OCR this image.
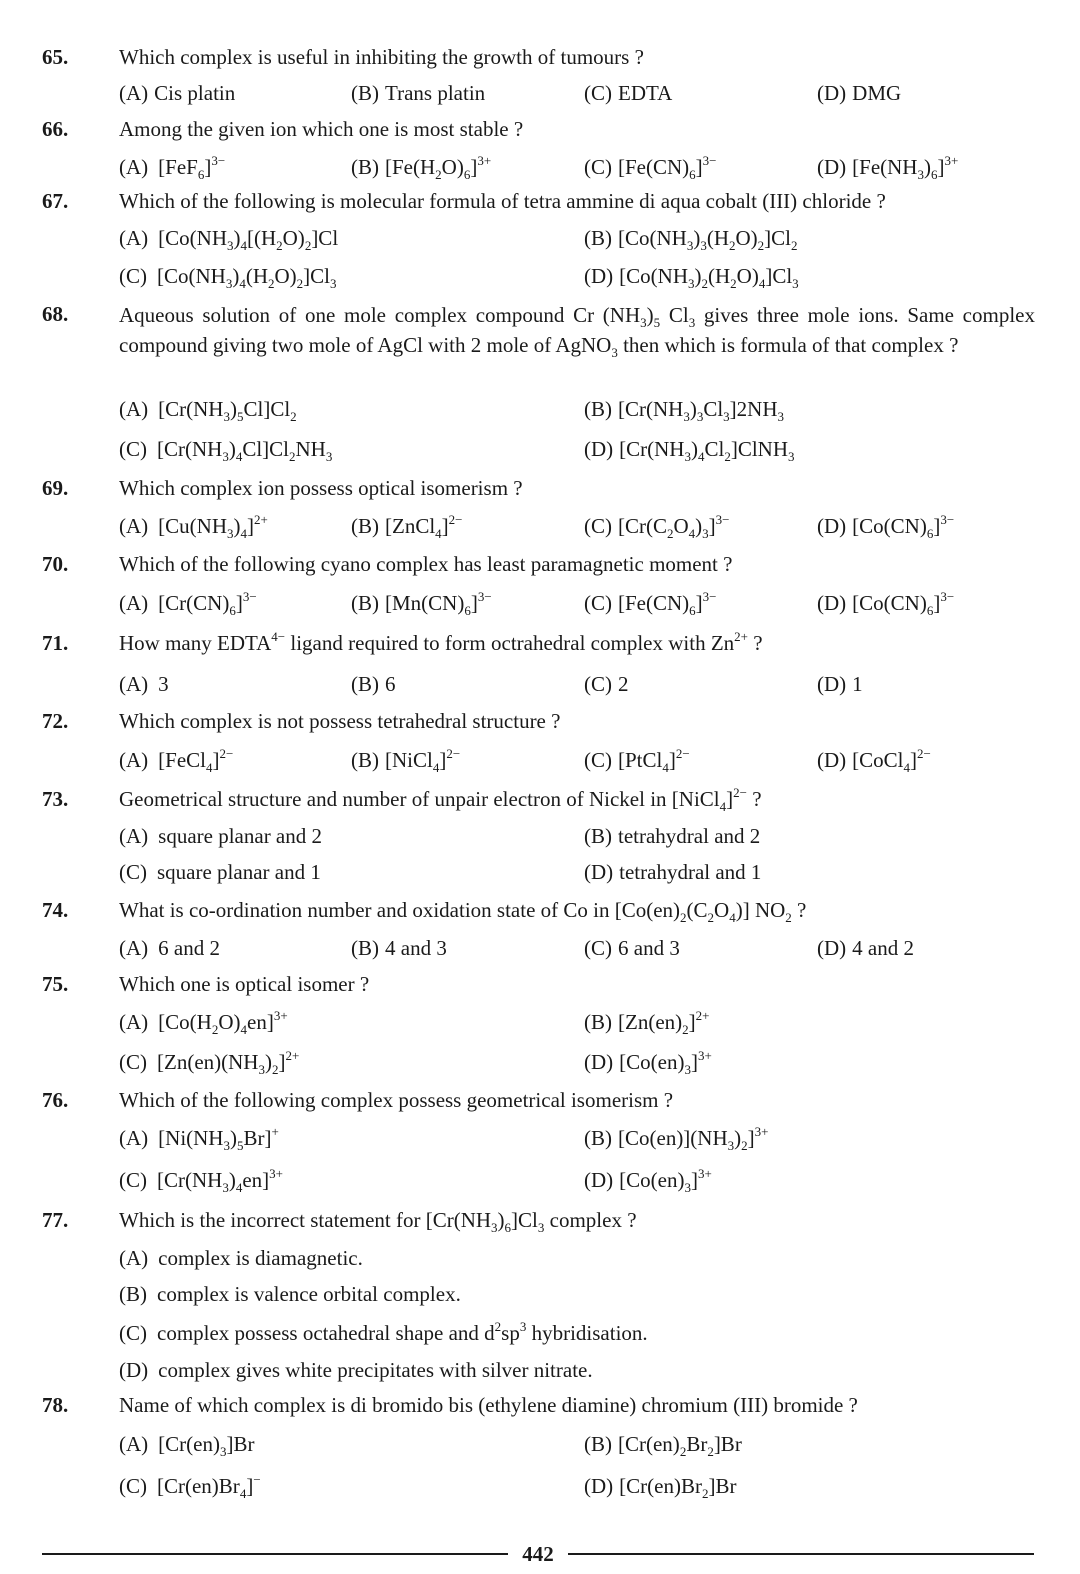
65. Which complex is useful in inhibiting the growth of tumours ?
(A) Cis platin	(B) Trans platin	(C) EDTA	(D) DMG
66. Among the given ion which one is most stable ?
(A) $[FeF_6]^{3-}$	(B) $[Fe(H_2O)_6]^{3+}$	(C) $[Fe(CN)_6]^{3-}$	(D) $[Fe(NH_3)_6]^{3+}$
67. Which of the following is molecular formula of tetra ammine di aqua cobalt (III) chloride ?
(A) [$Co(NH_3)_4[(H_2O)_2]Cl$	(B) $[Co(NH_3)_3(H_2O)_2]Cl_2$
(C) $[Co(NH_3)_4(H_2O)_2]Cl_3$	(D) $[Co(NH_3)_2(H_2O)_4]Cl_3$
68. Aqueous solution of one mole complex compound Cr $(NH_3)_5$ $Cl_3$ gives three mole ions. Same complex compound giving two mole of AgCl with 2 mole of AgNO$_3$ then which is formula of that complex ?
(A) $[Cr(NH_3)_5Cl]Cl_2$	(B) $[Cr(NH_3)_3Cl_3]2NH_3$
(C) $[Cr(NH_3)_4Cl]Cl_2NH_3$	(D) $[Cr(NH_3)_4Cl_2]ClNH_3$
69. Which complex ion possess optical isomerism ?
(A) $[Cu(NH_3)_4]^{2+}$	(B) [ZnCl$_4$]$^{2-}$	(C) $[Cr(C_2O_4)_3]^{3-}$	(D) $[Co(CN)_6]^{3-}$
70. Which of the following cyano complex has least paramagnetic moment ?
(A) $[Cr(CN)_6]^{3-}$	(B) $[Mn(CN)_6]^{3-}$	(C) $[Fe(CN)_6]^{3-}$	(D) $[Co(CN)_6]^{3-}$
71. How many $EDTA^{4-}$ ligand required to form octrahedral complex with $Zn^{2+}$ ?
(A) 3	(B) 6	(C) 2	(D) 1
72. Which complex is not possess tetrahedral structure ?
(A) [FeCl$_4$]$^{2-}$	(B) [NiCl$_4$]$^{2-}$	(C) [PtCl$_4$]$^{2-}$	(D) [CoCl$_4$]$^{2-}$
73. Geometrical structure and number of unpair electron of Nickel in [NiCl$_4$]$^{2-}$ ?
(A) square planar and 2	(B) tetrahydral and 2
(C) square planar and 1	(D) tetrahydral and 1
74. What is co-ordination number and oxidation state of Co in $[Co(en)_2(C_2O_4)]$ $NO_2$ ?
(A) 6 and 2	(B) 4 and 3	(C) 6 and 3	(D) 4 and 2
75. Which one is optical isomer ?
(A) $[Co(H_2O)_4en]^{3+}$	(B) $[Zn(en)_2]^{2+}$
(C) $[Zn(en)(NH_3)_2]^{2+}$	(D) $[Co(en)_3]^{3+}$
76. Which of the following complex possess geometrical isomerism ?
(A) $[Ni(NH_3)_5Br]^+$	(B) $[Co(en)](NH_3)_2]^{3+}$
(C) $[Cr(NH_3)_4en]^{3+}$	(D) $[Co(en)_3]^{3+}$
77. Which is the incorrect statement for $[Cr(NH_3)_6]Cl_3$ complex ?
(A) complex is diamagnetic.
(B) complex is valence orbital complex.
(C) complex possess octahedral shape and $d^2sp^3$ hybridisation.
(D) complex gives white precipitates with silver nitrate.
78. Name of which complex is di bromido bis (ethylene diamine) chromium (III) bromide ?
(A) $[Cr(en)_3]Br$	(B) $[Cr(en)_2Br_2]Br$
(C) $[Cr(en)Br_4]^-$	(D) $[Cr(en)Br_2]Br$
442
